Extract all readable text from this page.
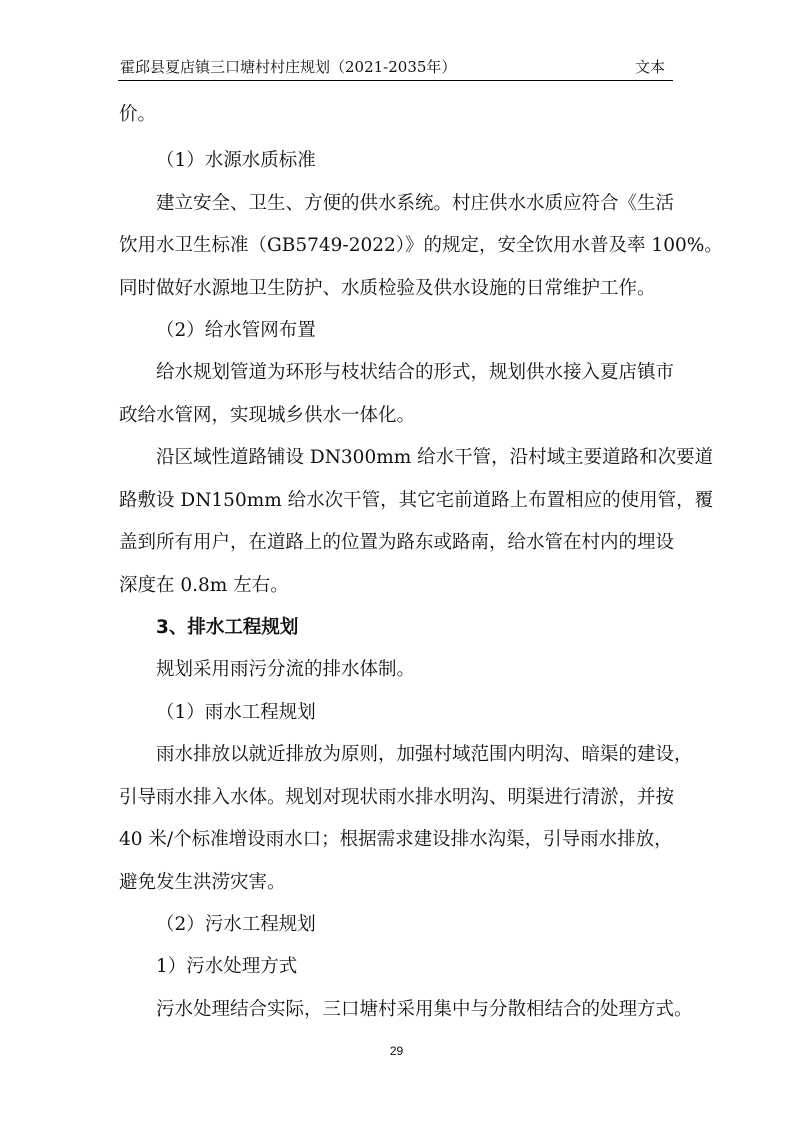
霍邱县夏店镇三口塘村村庄规划（2021-2035年）	文本
价。
（1）水源水质标准
建立安全、卫生、方便的供水系统。村庄供水水质应符合《生活
饮用水卫生标准（GB5749-2022）》的规定，安全饮用水普及率 100%。
同时做好水源地卫生防护、水质检验及供水设施的日常维护工作。
（2）给水管网布置
给水规划管道为环形与枝状结合的形式，规划供水接入夏店镇市
政给水管网，实现城乡供水一体化。
沿区域性道路铺设 DN300mm 给水干管，沿村域主要道路和次要道
路敷设 DN150mm 给水次干管，其它宅前道路上布置相应的使用管，覆
盖到所有用户，在道路上的位置为路东或路南，给水管在村内的埋设
深度在 0.8m 左右。
3、排水工程规划
规划采用雨污分流的排水体制。
（1）雨水工程规划
雨水排放以就近排放为原则，加强村域范围内明沟、暗渠的建设，
引导雨水排入水体。规划对现状雨水排水明沟、明渠进行清淤，并按
40 米/个标准增设雨水口；根据需求建设排水沟渠，引导雨水排放，
避免发生洪涝灾害。
（2）污水工程规划
1）污水处理方式
污水处理结合实际，三口塘村采用集中与分散相结合的处理方式。
29
